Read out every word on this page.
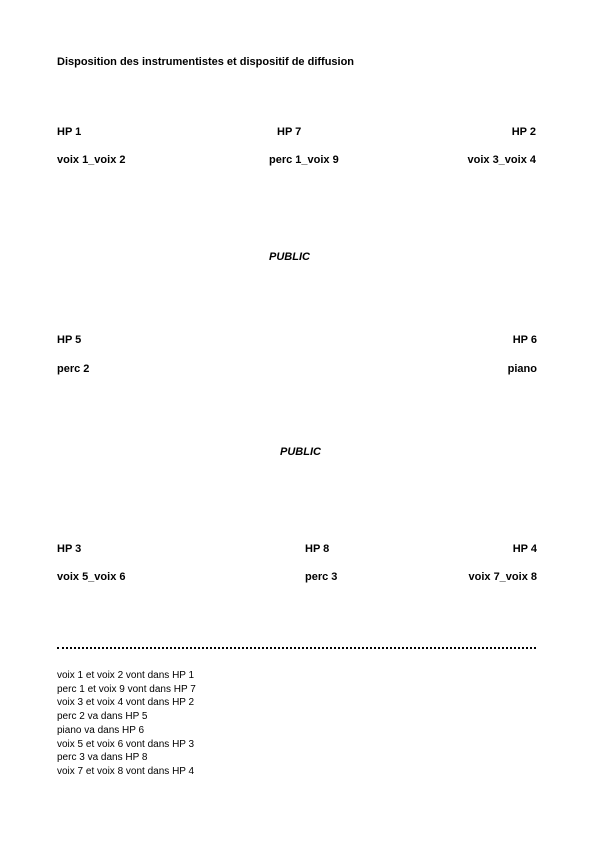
Disposition des instrumentistes et dispositif de diffusion
HP 1	HP 7	HP 2
voix 1_voix 2	perc 1_voix 9	voix 3_voix 4
PUBLIC
HP 5	HP 6
perc 2	piano
PUBLIC
HP 3	HP 8	HP 4
voix 5_voix 6	perc 3	voix 7_voix 8
voix 1 et voix 2 vont dans HP 1
perc 1 et voix 9 vont dans HP 7
voix 3 et voix 4 vont dans HP 2
perc 2 va dans HP 5
piano va dans HP 6
voix 5 et voix 6 vont dans HP 3
perc 3 va dans HP 8
voix 7 et voix 8 vont dans HP 4
